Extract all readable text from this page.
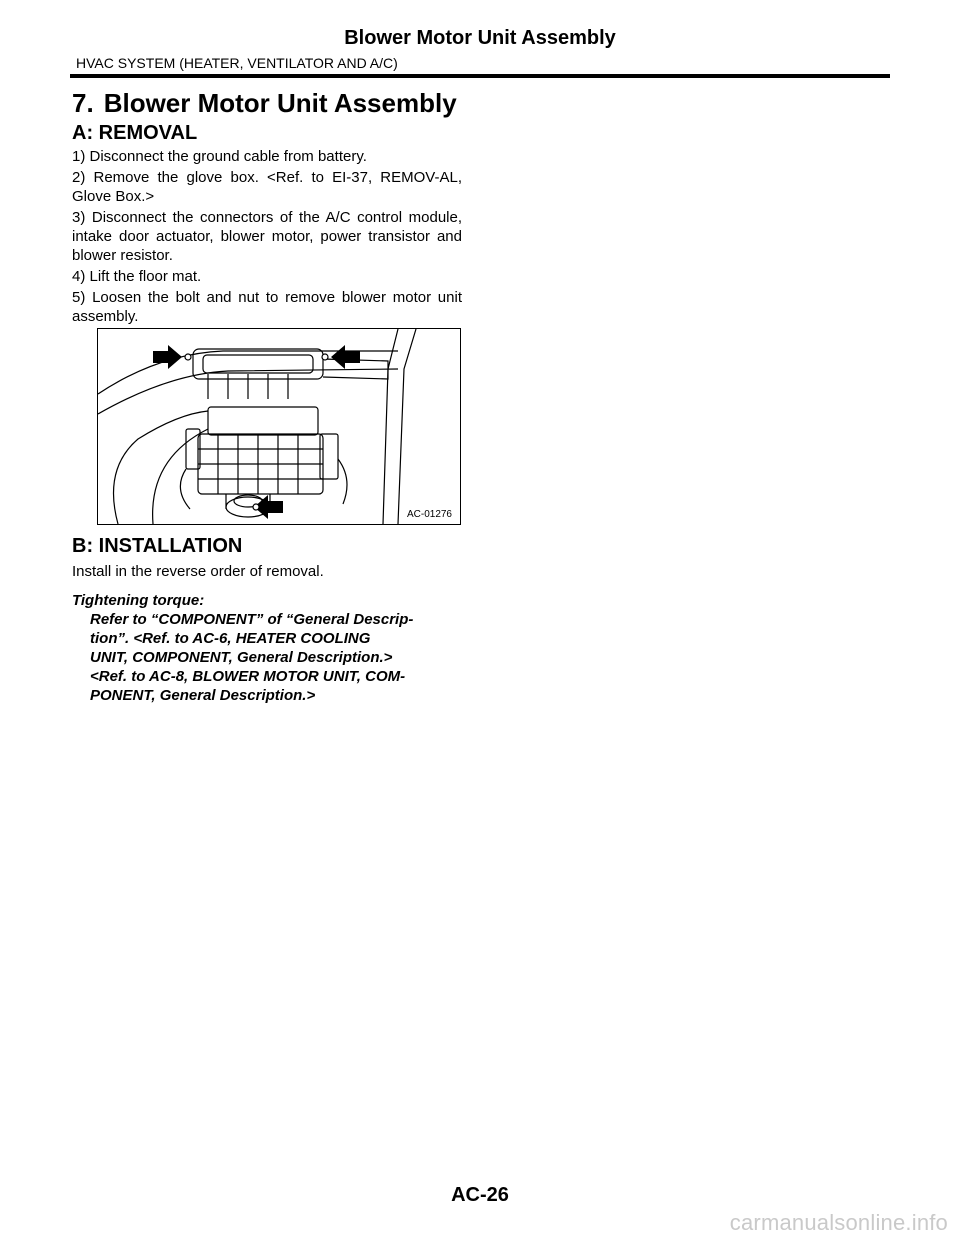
Blower Motor Unit Assembly
HVAC SYSTEM (HEATER, VENTILATOR AND A/C)
7. Blower Motor Unit Assembly
A: REMOVAL

1) Disconnect the ground cable from battery.

2) Remove the glove box. <Ref. to EI-37, REMOV-AL, Glove Box.>

3) Disconnect the connectors of the A/C control module, intake door actuator, blower motor, power transistor and blower resistor.

4) Lift the floor mat.

5) Loosen the bolt and nut to remove blower motor unit assembly.

AC-01276
B: INSTALLATION
Install in the reverse order of removal.
Tightening torque:
Refer to “COMPONENT” of “General Descrip-
tion”. <Ref. to AC-6, HEATER COOLING
UNIT, COMPONENT, General Description.>
<Ref. to AC-8, BLOWER MOTOR UNIT, COM-
PONENT, General Description.>
AC-26
carmanualsonline.info
